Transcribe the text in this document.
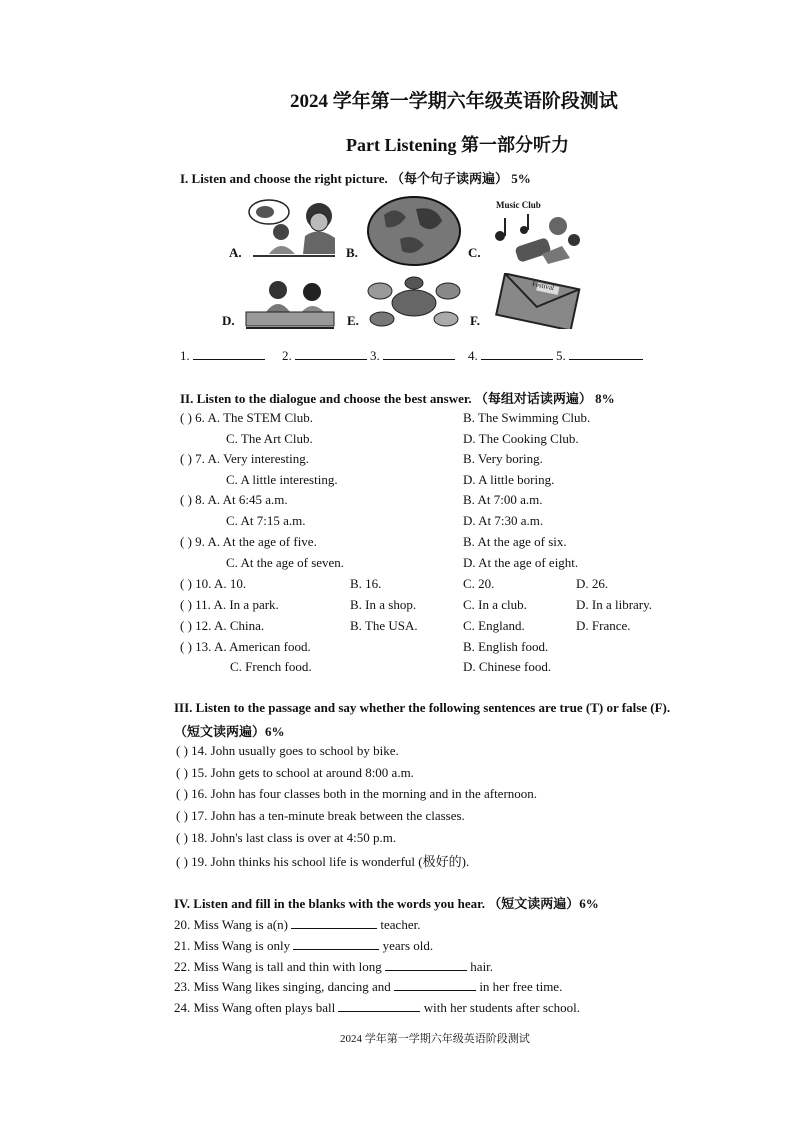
2024 学年第一学期六年级英语阶段测试
Part Listening 第一部分听力
I. Listen and choose the right picture. （每个句子读两遍） 5%
A.	B.	C.
Music Club
D.	E.	F.
Festival
1.	2.	3.	4.	5.
II. Listen to the dialogue and choose the best answer. （每组对话读两遍） 8%
( ) 6. A. The STEM Club.	B. The Swimming Club.
C. The Art Club.	D. The Cooking Club.
( ) 7. A. Very interesting.	B. Very boring.
C. A little interesting.	D. A little boring.
( ) 8. A. At 6:45 a.m.	B. At 7:00 a.m.
C. At 7:15 a.m.	D. At 7:30 a.m.
( ) 9. A. At the age of five.	B. At the age of six.
C. At the age of seven.	D. At the age of eight.
( ) 10. A. 10.	B. 16.	C. 20.	D. 26.
( ) 11. A. In a park.	B. In a shop.	C. In a club.	D. In a library.
( ) 12. A. China.	B. The USA.	C. England.	D. France.
( ) 13. A. American food.	B. English food.
C. French food.	D. Chinese food.
III. Listen to the passage and say whether the following sentences are true (T) or false (F).
（短文读两遍）6%
( ) 14. John usually goes to school by bike.
( ) 15. John gets to school at around 8:00 a.m.
( ) 16. John has four classes both in the morning and in the afternoon.
( ) 17. John has a ten-minute break between the classes.
( ) 18. John's last class is over at 4:50 p.m.
( ) 19. John thinks his school life is wonderful (极好的).
IV. Listen and fill in the blanks with the words you hear. （短文读两遍）6%
20. Miss Wang is a(n)	teacher.
21. Miss Wang is only	years old.
22. Miss Wang is tall and thin with long	hair.
23. Miss Wang likes singing, dancing and	in her free time.
24. Miss Wang often plays ball	with her students after school.
2024 学年第一学期六年级英语阶段测试
